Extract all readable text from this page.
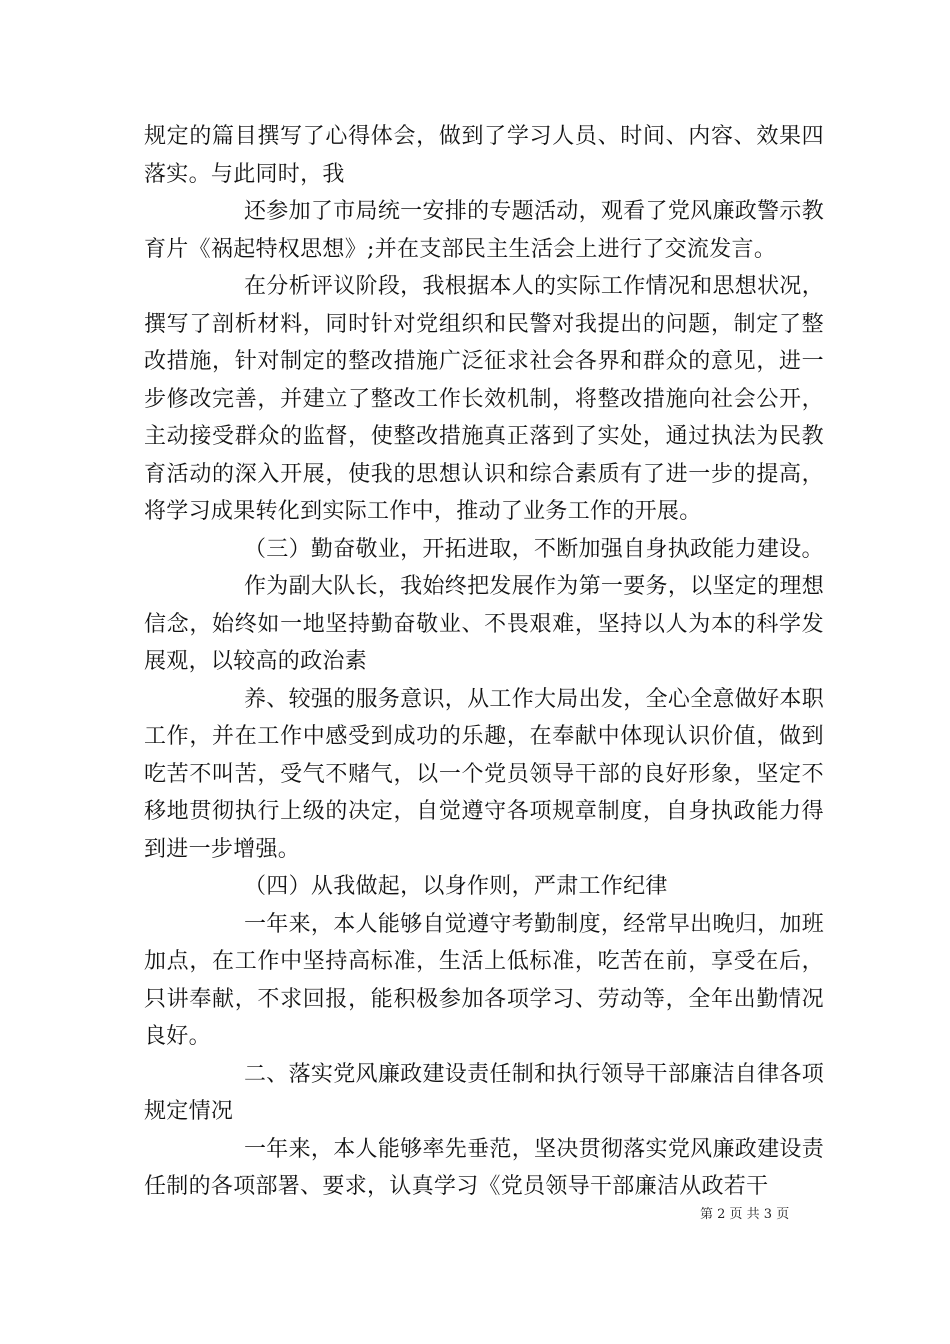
规定的篇目撰写了心得体会，做到了学习人员、时间、内容、效果四落实。与此同时，我

还参加了市局统一安排的专题活动，观看了党风廉政警示教育片《祸起特权思想》;并在支部民主生活会上进行了交流发言。

在分析评议阶段，我根据本人的实际工作情况和思想状况，撰写了剖析材料，同时针对党组织和民警对我提出的问题，制定了整改措施，针对制定的整改措施广泛征求社会各界和群众的意见，进一步修改完善，并建立了整改工作长效机制，将整改措施向社会公开，主动接受群众的监督，使整改措施真正落到了实处，通过执法为民教育活动的深入开展，使我的思想认识和综合素质有了进一步的提高，将学习成果转化到实际工作中，推动了业务工作的开展。

（三）勤奋敬业，开拓进取，不断加强自身执政能力建设。

作为副大队长，我始终把发展作为第一要务，以坚定的理想信念，始终如一地坚持勤奋敬业、不畏艰难，坚持以人为本的科学发展观，以较高的政治素

养、较强的服务意识，从工作大局出发，全心全意做好本职工作，并在工作中感受到成功的乐趣，在奉献中体现认识价值，做到吃苦不叫苦，受气不赌气，以一个党员领导干部的良好形象，坚定不移地贯彻执行上级的决定，自觉遵守各项规章制度，自身执政能力得到进一步增强。

（四）从我做起，以身作则，严肃工作纪律

一年来，本人能够自觉遵守考勤制度，经常早出晚归，加班加点，在工作中坚持高标准，生活上低标准，吃苦在前，享受在后，只讲奉献，不求回报，能积极参加各项学习、劳动等，全年出勤情况良好。

二、落实党风廉政建设责任制和执行领导干部廉洁自律各项规定情况

一年来，本人能够率先垂范，坚决贯彻落实党风廉政建设责任制的各项部署、要求，认真学习《党员领导干部廉洁从政若干

第 2 页 共 3 页
